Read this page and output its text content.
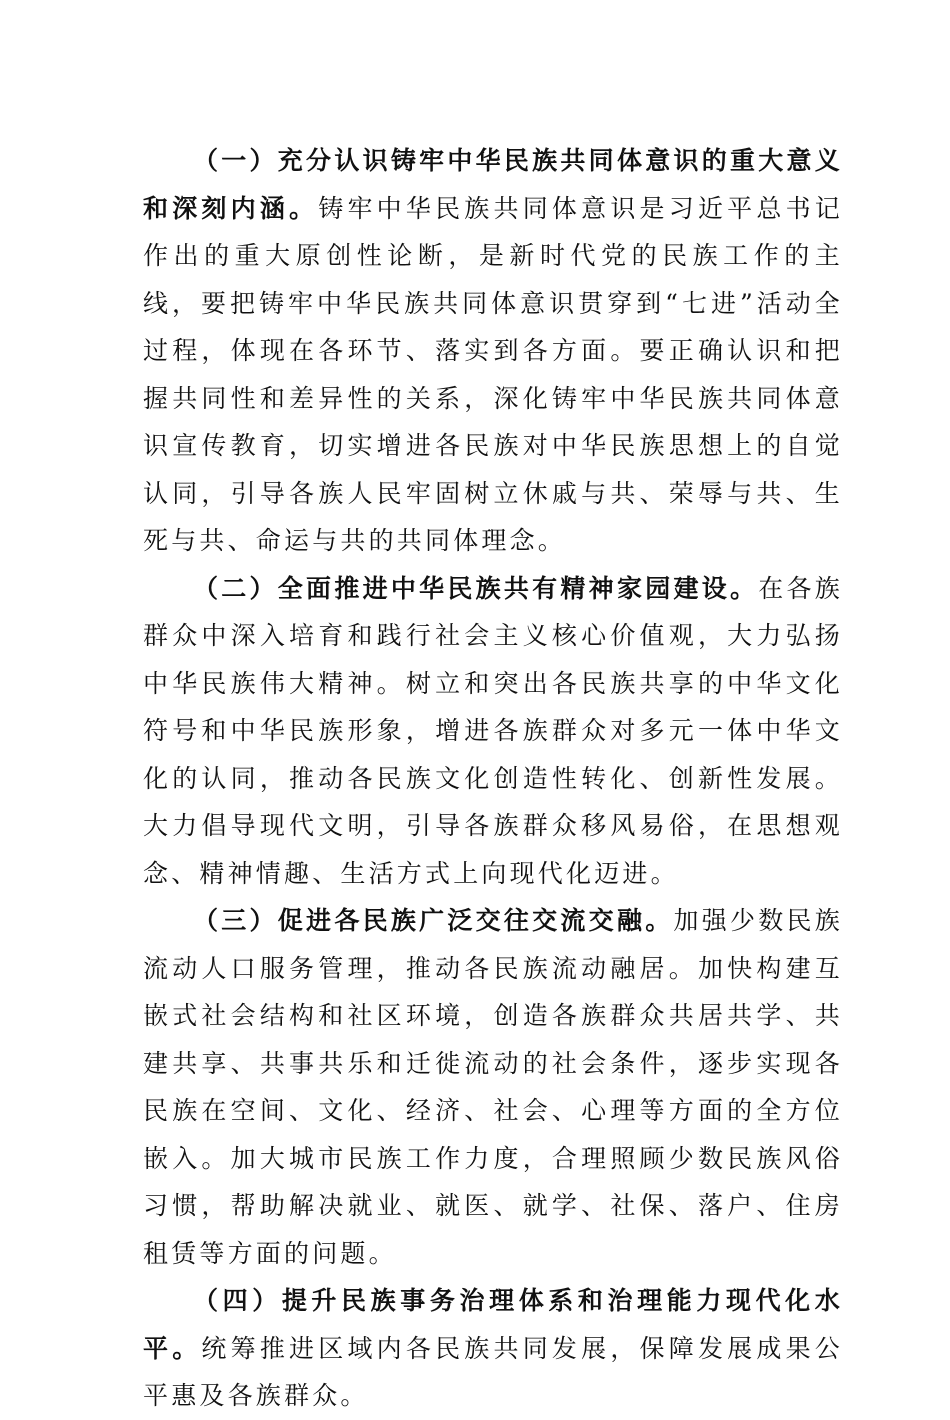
（一）充分认识铸牢中华民族共同体意识的重大意义和深刻内涵。铸牢中华民族共同体意识是习近平总书记作出的重大原创性论断，是新时代党的民族工作的主线，要把铸牢中华民族共同体意识贯穿到“七进”活动全过程，体现在各环节、落实到各方面。要正确认识和把握共同性和差异性的关系，深化铸牢中华民族共同体意识宣传教育，切实增进各民族对中华民族思想上的自觉认同，引导各族人民牢固树立休戚与共、荣辱与共、生死与共、命运与共的共同体理念。

（二）全面推进中华民族共有精神家园建设。在各族群众中深入培育和践行社会主义核心价值观，大力弘扬中华民族伟大精神。树立和突出各民族共享的中华文化符号和中华民族形象，增进各族群众对多元一体中华文化的认同，推动各民族文化创造性转化、创新性发展。大力倡导现代文明，引导各族群众移风易俗，在思想观念、精神情趣、生活方式上向现代化迈进。

（三）促进各民族广泛交往交流交融。加强少数民族流动人口服务管理，推动各民族流动融居。加快构建互嵌式社会结构和社区环境，创造各族群众共居共学、共建共享、共事共乐和迁徙流动的社会条件，逐步实现各民族在空间、文化、经济、社会、心理等方面的全方位嵌入。加大城市民族工作力度，合理照顾少数民族风俗习惯，帮助解决就业、就医、就学、社保、落户、住房租赁等方面的问题。

（四）提升民族事务治理体系和治理能力现代化水平。统筹推进区域内各民族共同发展，保障发展成果公平惠及各族群众。
